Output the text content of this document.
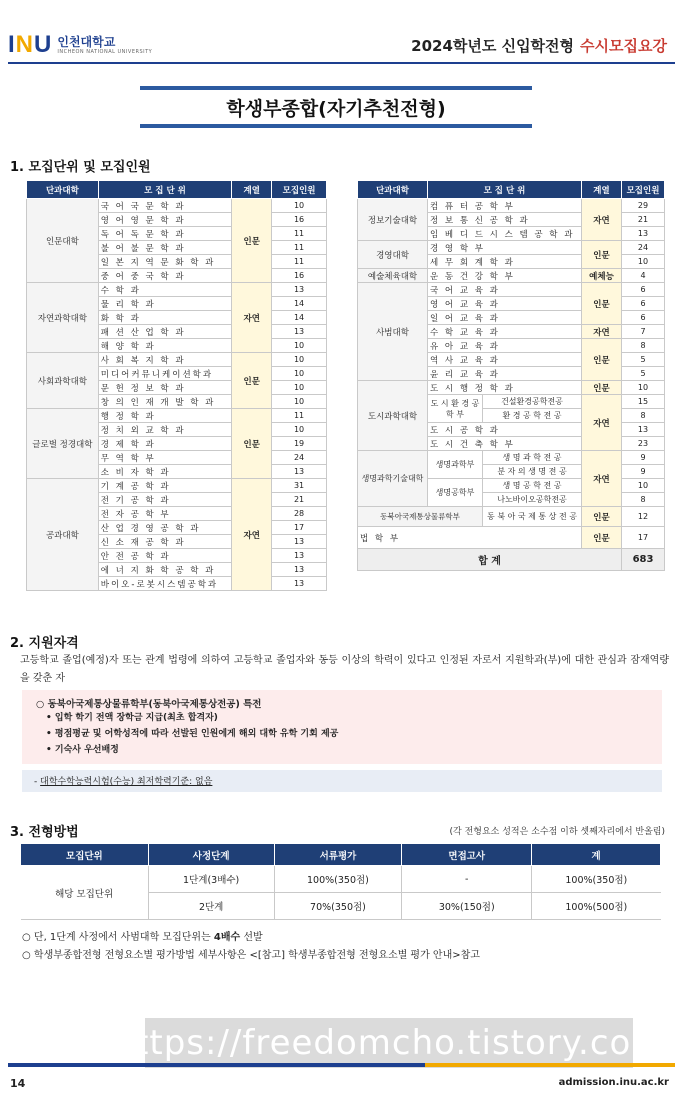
I N U 인천대학교
INCHEON NATIONAL UNIVERSITY	2024학년도 신입학전형 수시모집요강
학생부종합(자기추천전형)
1. 모집단위 및 모집인원
단과대학	모 집 단 위	계열	모집인원
인문대학	국 어 국 문 학 과	인문	10
	영 어 영 문 학 과		16
	독 어 독 문 학 과		11
	불 어 불 문 학 과		11
	일 본 지 역 문 화 학 과		11
	중 어 중 국 학 과		16
자연과학대학	수 학 과	자연	13
	물 리 학 과		14
	화 학 과		14
	패 션 산 업 학 과		13
	해 양 학 과		10
사회과학대학	사 회 복 지 학 과	인문	10
	미디어커뮤니케이션학과		10
	문 헌 정 보 학 과		10
	창 의 인 재 개 발 학 과		10
글로벌 정경대학	행 정 학 과	인문	11
	정 치 외 교 학 과		10
	경 제 학 과		19
	무 역 학 부		24
	소 비 자 학 과		13
공과대학	기 계 공 학 과	자연	31
	전 기 공 학 과		21
	전 자 공 학 부		28
	산 업 경 영 공 학 과		17
	신 소 재 공 학 과		13
	안 전 공 학 과		13
	에 너 지 화 학 공 학 과		13
	바이오-로봇시스템공학과		13
단과대학	모 집 단 위		계열	모집인원
정보기술대학	컴 퓨 터 공 학 부		자연	29
	정 보 통 신 공 학 과			21
	임 베 디 드 시 스 템 공 학 과			13
경영대학	경 영 학 부		인문	24
	세 무 회 계 학 과			10
예술체육대학	운 동 건 강 학 부		예체능	4
사범대학	국 어 교 육 과		인문	6
	영 어 교 육 과			6
	일 어 교 육 과			6
	수 학 교 육 과		자연	7
	유 아 교 육 과		인문	8
	역 사 교 육 과			5
	윤 리 교 육 과			5
도시과학대학	도 시 행 정 학 과		인문	10
	도 시 환 경 공 학 부	건설환경공학전공	자연	15
		환 경 공 학 전 공		8
	도 시 공 학 과			13
	도 시 건 축 학 부			23
생명과학기술대학	생명과학부	생 명 과 학 전 공	자연	9
		분 자 의 생 명 전 공		9
	생명공학부	생 명 공 학 전 공		10
		나노바이오공학전공		8
동북아국제통상물류학부		동 북 아 국 제 통 상 전 공	인문	12
법 학 부			인문	17
합 계				683
2. 지원자격
고등학교 졸업(예정)자 또는 관계 법령에 의하여 고등학교 졸업자와 동등 이상의 학력이 있다고 인정된 자로서 지원학과(부)에 대한 관심과 잠재역량을 갖춘 자
○ 동북아국제통상물류학부(동북아국제통상전공) 특전
• 입학 학기 전액 장학금 지급(최초 합격자)
• 평점평균 및 어학성적에 따라 선발된 인원에게 해외 대학 유학 기회 제공
• 기숙사 우선배정
- 대학수학능력시험(수능) 최저학력기준: 없음
3. 전형방법	(각 전형요소 성적은 소수점 이하 셋째자리에서 반올림)
모집단위	사정단계	서류평가	면접고사	계
해당 모집단위	1단계(3배수)	100%(350점)	-	100%(350점)
	2단계	70%(350점)	30%(150점)	100%(500점)
○ 단, 1단계 사정에서 사범대학 모집단위는 4배수 선발
○ 학생부종합전형 전형요소별 평가방법 세부사항은 <[참고] 학생부종합전형 전형요소별 평가 안내>참고
https://freedomcho.tistory.com
14	admission.inu.ac.kr
